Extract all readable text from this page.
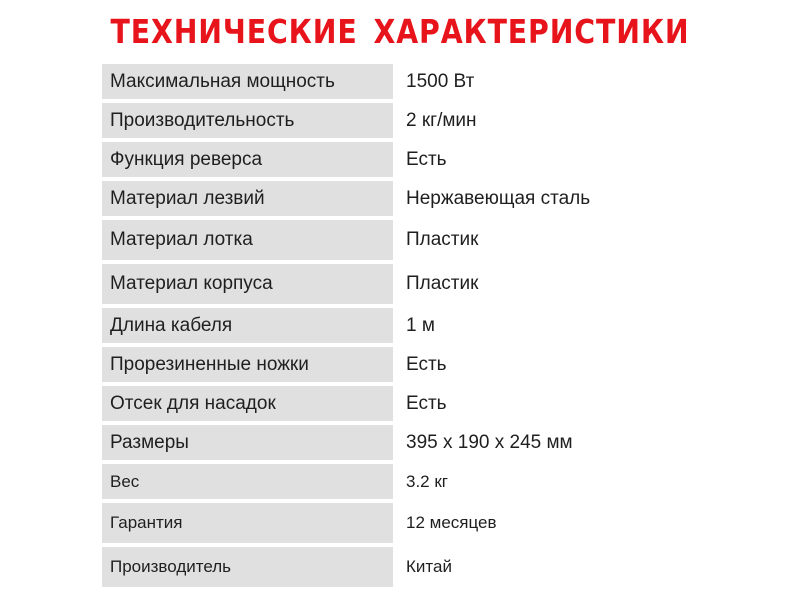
ТЕХНИЧЕСКИЕ ХАРАКТЕРИСТИКИ
Максимальная мощность	1500 Вт
Производительность	2 кг/мин
Функция реверса	Есть
Материал лезвий	Нержавеющая сталь
Материал лотка	Пластик
Материал корпуса	Пластик
Длина кабеля	1 м
Прорезиненные ножки	Есть
Отсек для насадок	Есть
Размеры	395 x 190 x 245 мм
Вес	3.2 кг
Гарантия	12 месяцев
Производитель	Китай
